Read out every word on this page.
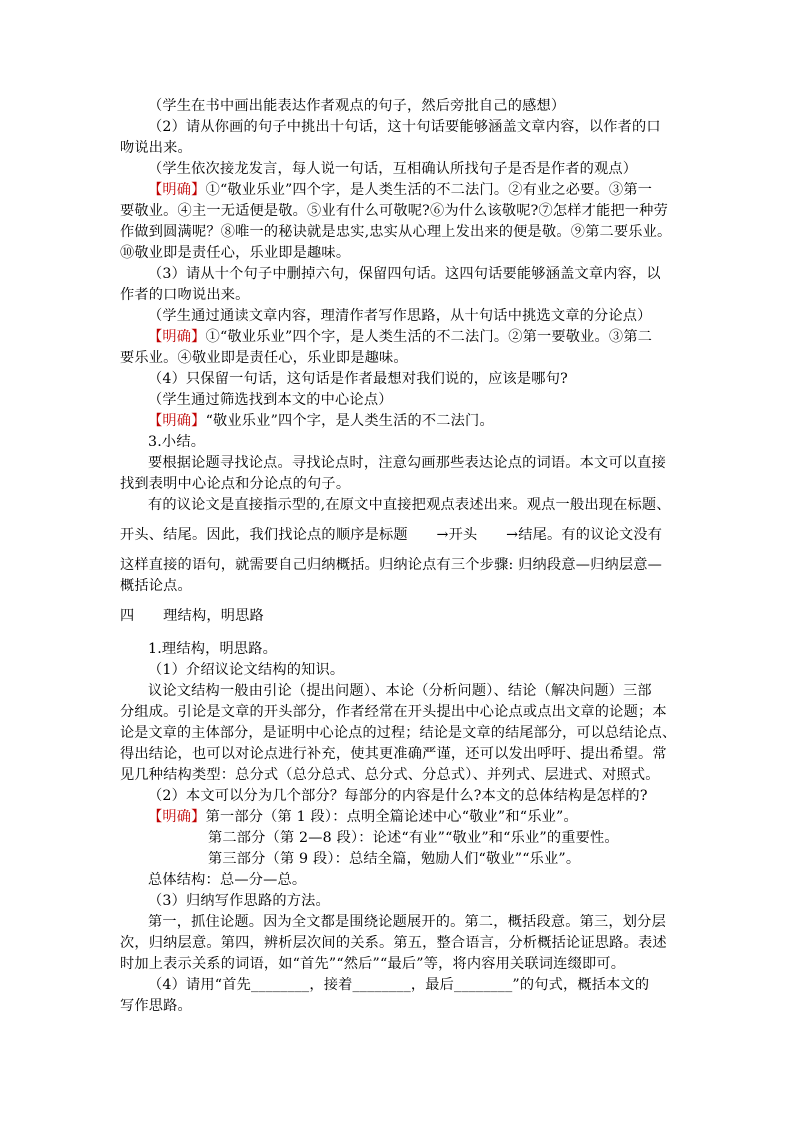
（学生在书中画出能表达作者观点的句子，然后旁批自己的感想）
（2）请从你画的句子中挑出十句话，这十句话要能够涵盖文章内容，以作者的口
吻说出来。
（学生依次接龙发言，每人说一句话，互相确认所找句子是否是作者的观点）
【明确】①“敬业乐业”四个字，是人类生活的不二法门。②有业之必要。③第一
要敬业。④主一无适便是敬。⑤业有什么可敬呢?⑥为什么该敬呢?⑦怎样才能把一种劳
作做到圆满呢？⑧唯一的秘诀就是忠实,忠实从心理上发出来的便是敬。⑨第二要乐业。
⑩敬业即是责任心，乐业即是趣味。
（3）请从十个句子中删掉六句，保留四句话。这四句话要能够涵盖文章内容，以
作者的口吻说出来。
（学生通过通读文章内容，理清作者写作思路，从十句话中挑选文章的分论点）
【明确】①“敬业乐业”四个字，是人类生活的不二法门。②第一要敬业。③第二
要乐业。④敬业即是责任心，乐业即是趣味。
（4）只保留一句话，这句话是作者最想对我们说的，应该是哪句?
（学生通过筛选找到本文的中心论点）
【明确】“敬业乐业”四个字，是人类生活的不二法门。
3.小结。
要根据论题寻找论点。寻找论点时，注意勾画那些表达论点的词语。本文可以直接
找到表明中心论点和分论点的句子。
有的议论文是直接指示型的,在原文中直接把观点表述出来。观点一般出现在标题、
开头、结尾。因此，我们找论点的顺序是标题　　→开头　　→结尾。有的议论文没有
这样直接的语句，就需要自己归纳概括。归纳论点有三个步骤: 归纳段意—归纳层意—
概括论点。
四　　理结构，明思路
1.理结构，明思路。
（1）介绍议论文结构的知识。
议论文结构一般由引论（提出问题）、本论（分析问题）、结论（解决问题）三部
分组成。引论是文章的开头部分，作者经常在开头提出中心论点或点出文章的论题；本
论是文章的主体部分，是证明中心论点的过程；结论是文章的结尾部分，可以总结论点、
得出结论，也可以对论点进行补充，使其更准确严谨，还可以发出呼吁、提出希望。常
见几种结构类型：总分式（总分总式、总分式、分总式）、并列式、层进式、对照式。
（2）本文可以分为几个部分？每部分的内容是什么?本文的总体结构是怎样的?
【明确】第一部分（第 1 段）：点明全篇论述中心“敬业”和“乐业”。
第二部分（第 2—8 段）：论述“有业”“敬业”和“乐业”的重要性。
第三部分（第 9 段）：总结全篇，勉励人们“敬业”“乐业”。
总体结构：总—分—总。
（3）归纳写作思路的方法。
第一，抓住论题。因为全文都是围绕论题展开的。第二，概括段意。第三，划分层
次，归纳层意。第四，辨析层次间的关系。第五，整合语言，分析概括论证思路。表述
时加上表示关系的词语，如“首先”“然后”“最后”等，将内容用关联词连缀即可。
（4）请用“首先________，接着________，最后________”的句式，概括本文的
写作思路。
